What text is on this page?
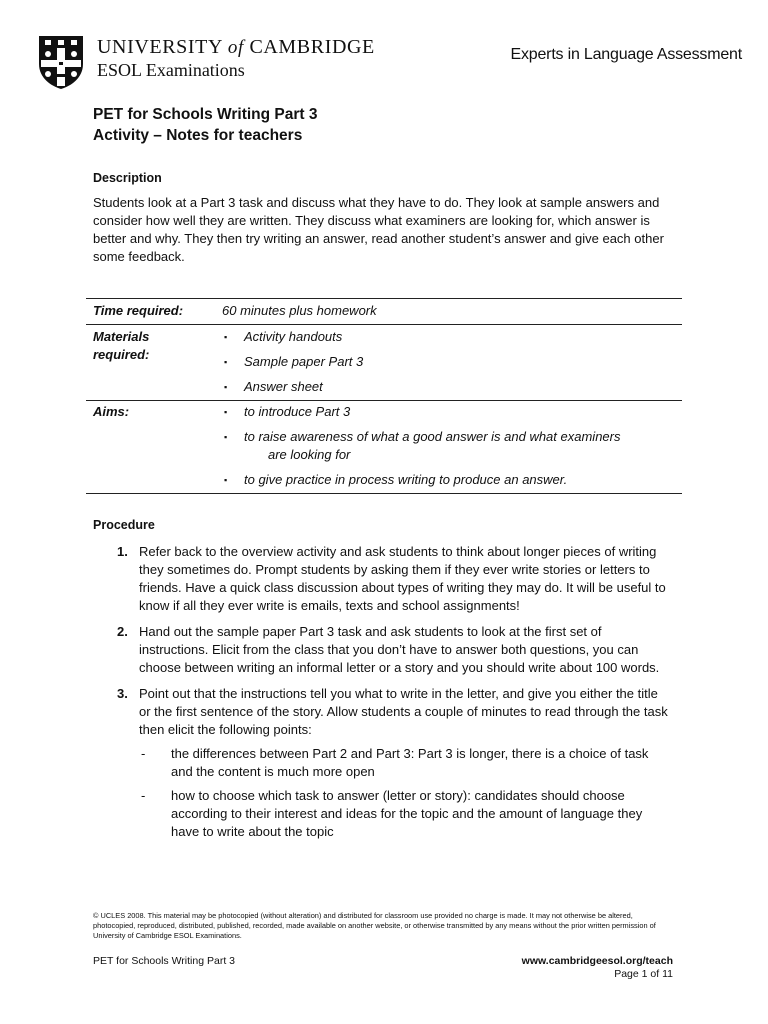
UNIVERSITY of CAMBRIDGE
ESOL Examinations
Experts in Language Assessment
PET for Schools Writing Part 3
Activity – Notes for teachers
Description
Students look at a Part 3 task and discuss what they have to do. They look at sample answers and consider how well they are written. They discuss what examiners are looking for, which answer is better and why. They then try writing an answer, read another student’s answer and give each other some feedback.
Time required:	60 minutes plus homework
Materials required:
▪ Activity handouts
▪ Sample paper Part 3
▪ Answer sheet
Aims:	▪ to introduce Part 3
▪ to raise awareness of what a good answer is and what examiners
are looking for
▪ to give practice in process writing to produce an answer.
Procedure
1. Refer back to the overview activity and ask students to think about longer pieces of writing they sometimes do. Prompt students by asking them if they ever write stories or letters to friends. Have a quick class discussion about types of writing they may do. It will be useful to know if all they ever write is emails, texts and school assignments!
2. Hand out the sample paper Part 3 task and ask students to look at the first set of instructions. Elicit from the class that you don’t have to answer both questions, you can choose between writing an informal letter or a story and you should write about 100 words.
3. Point out that the instructions tell you what to write in the letter, and give you either the title or the first sentence of the story. Allow students a couple of minutes to read through the task then elicit the following points:
- the differences between Part 2 and Part 3: Part 3 is longer, there is a choice of task and the content is much more open
- how to choose which task to answer (letter or story): candidates should choose according to their interest and ideas for the topic and the amount of language they have to write about the topic
© UCLES 2008. This material may be photocopied (without alteration) and distributed for classroom use provided no charge is made. It may not otherwise be altered, photocopied, reproduced, distributed, published, recorded, made available on another website, or otherwise transmitted by any means without the prior written permission of University of Cambridge ESOL Examinations.
PET for Schools Writing Part 3	www.cambridgeesol.org/teach
Page 1 of 11
